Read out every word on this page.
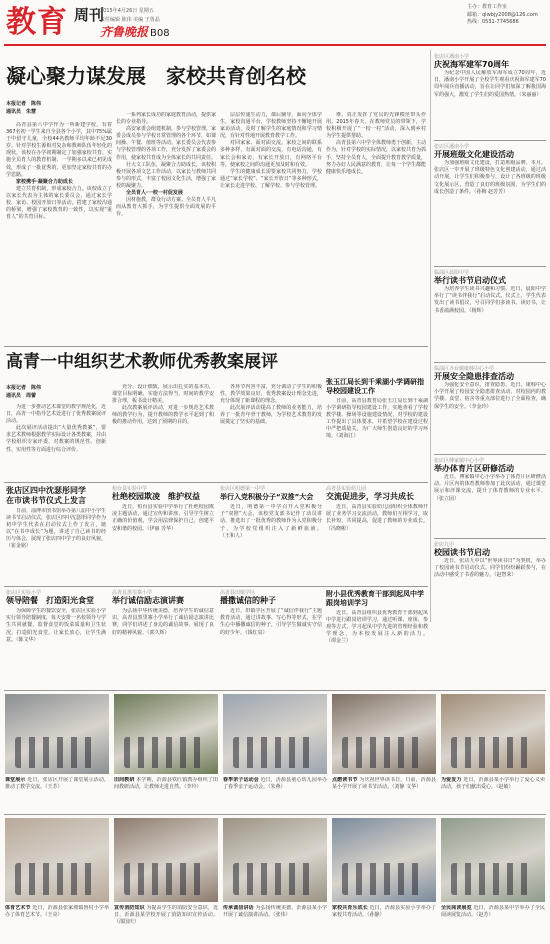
教育 周刊
2015年4月26日 星期五
责任编辑 陈伟 美编 王鲁晶
齐鲁晚报 B08
主办：教育工作室
邮箱：qlwbjy2008@126.com
热线：0531-7745686
凝心聚力谋发展　家校共育创名校
本报记者　陈伟
通讯员　朱慧

高青县第六中学作为一所新建学校，有着367名初一学生来自全县各个小学，其中75%属于中留守儿童，全校44名教师平均年龄不足30岁。针对学校生源相对复杂和教师队伍年轻化的现状，该校在办学初期制定了加强家校共育、实施全员育人的教育机制，一学期多以来已初见成效，形成了一批优秀的、更加坚定家校共育的办学思路。

家校携手·凝聚合力助成长

建立共育机制，形成家校合力。该校成立了以家长代表为主体的家长委员会，通过家长学校、家访、校园开放日等活动，搭建了家校沟通的桥梁，增强了家校教育的一致性，以实现“重育人”的共育目标。

一系列家长成功的家庭教育活动，提供家长的专业指导。

高安家委会组建机制，参与学校管理，家委会成员参与学校日常管理的各个环节，如课间操、午餐、值班等活动。家长委员会代表参与学校管理的各项工作，充分发挥了家委会的作用，使家校共育成为全体家长的共同责任。

壮大文工队伍，凝聚合力助成长，该校积极开展各项文艺工作活动，以家长与教师共同参与的形式，丰富了校园文化生活，增强了家校的凝聚力。

全员育人·一校一村促发展

因材施教，群众行动方案。全员育人平凡而从教育大抓手，为学生提供全面发展的平台。

层层传递生动力，课后辅导，面向全体学生，家校沟通平台，学校教师坚持不懈地开展家访活动，及时了解学生的家庭情况和学习情况，有针对性地开展教育教学工作。

对回家家、面对面交流。家校之间的联系多种多样，有面对面的交流，有电话沟通，有家长会和家访，有家长开放日，有网络平台等，使家校之间的沟通更加及时和有效。

学生的健康成长需要家校共同努力，学校通过“家长学校”、“家长开放日”等多种形式，让家长走进学校、了解学校、参与学校管理。

堆，真正发挥了党员的先锋模范带头作用。2015年春天，在教师党员的带领下，学校积极开展了“一校一村”活动，深入到乡村为学生提供帮助。

高青县第六中学全体教师勇于创新，主动作为，针对学校的实际情况，以家校共育为抓手，坚持全员育人，全面提升教育教学质量，努力办好人民满意的教育，让每一个学生都能健康快乐地成长。

张店区潘南小学
庆祝海军建军70周年

为纪念中国人民解放军海军成立70周年，近日，潘南小学开展了全校学生观看庆祝海军建军70周年阅兵直播活动，旨在让同学们加深了解我国海军的强大，激发了学生们的爱国热情。（朱丽丽）

张店区潘南小学
开展班级文化建设活动

为加强班级文化建设，打造班级品牌，本月，张店区一中开展了班级特色文化创建活动，通过活动开展，让学生们积极参与，设计了各班级的班级文化展示区，营造了良好的班级氛围，为学生们的成长创造了条件。（孙梅 赵芳芳）

临淄区晨阳中学
举行读书节启动仪式

为培养学生读书兴趣和习惯，近日，晨阳中学举行了“读书伴我行”启动仪式。仪式上，学生代表发出了读书倡议，号召同学们多读书、读好书，让书香溢满校园。（杨辉）

临淄区齐台镇康韩中心小学
开展安全隐患排查活动

为强化安全意识，排查隐患，近日，康韩中心小学开展了校园安全隐患排查活动，对校园内的教学楼、食堂、宿舍等重点部位进行了全面检查，确保学生的安全。（李金玲）

张店区傅家镇中心小学
举办体育片区研修活动

近日，傅家镇中心小学举办了体育片区研修活动，片区内的体育教师参加了此次活动，通过课堂展示和评课交流，提升了体育教师的专业水平。（张立园）

张店九中
校园读书节启动

近日，张店九中以“世界读书日”为契机，举办了校园读书节启动仪式。同学们纷纷踊跃参与，在活动中感受了书香的魅力。（赵智荣）

高青一中组织艺术教师优秀教案展评
本报记者　陈伟
通讯员　周蕾

为进一步推动艺术课堂的教学规范化，近日，高青一中指导艺术处进行了优秀教案展评活动。

此次展评活动提出“大量优秀教案”，要求艺术教师根据教学实际设计各类教案，并由学校组织专家评委，对教案的规范性、创新性、实用性等方面进行综合评价。

充分、设计细致，展示出扎实的基本功，课堂目标明确，实施方法得当，时间的教学安排合理，板书设计精美。

此次教案展评活动，对进一步规范艺术教师的教学行为，提升教师的教学水平起到了积极的推动作用，达到了预期的目的。

各环节内容丰富，充分调动了学生的积极性，教学效果良好，优秀教案设计理念先进，充分体现了新课程的理念。

此次展评活动提高了教师的业务能力，培养了一批青年骨干教师，为学校艺术教育的发展奠定了坚实的基础。

张玉江局长到千乘湖小学调研指导校园建设工作

日前，高青县教育局张玉江局长到千乘湖小学调研指导校园建设工作，实地查看了学校教学楼、操场等设施建设情况，对学校的建设工作提出了具体要求，并希望学校在建设过程中严把质量关，为广大师生创造良好的学习环境。（刘海江）

张店区四中沈瑟彤同学
在市读书节仪式上发言

日前，淄博市图书馆举办第八届中小学生读书节启动仪式，张店区四中沈瑟彤同学作为初中学生代表在启动仪式上作了发言，她以“在书中成长”为题，讲述了自己读书的经历与体会，展现了张店四中学子的良好风貌。（崔金铭）

桓台县实验中学
杜绝校园欺凌　维护权益

近日，桓台县实验中学举行了杜绝校园欺凌主题活动，通过宣传和讲座，引导学生树立正确的价值观，学会用法律保护自己，创建平安和谐的校园。（伊丽 芳华）

张店区明德第一中学
举行入党积极分子“双推”大会

近日，明德第一中学召开入党积极分子“双推”大会，该校党支部书记作了动员讲话，推选出了一批优秀的教师作为入党积极分子，为学校党组织注入了新鲜血液。（王和人）

高青县实验幼儿园
交流促进步，学习共成长

近日，高青县实验幼儿园组织全体教师开展了业务学习交流活动，教师们互相学习，取长补短，共同提高，促进了教师的专业成长。（冯晓彬）

张店区实验小学
领导陪餐　打造阳光食堂

为保障学生的餐饮安全，张店区实验小学实行领导陪餐制度，每天安排一名校领导与学生共同就餐，监督食堂的饭菜质量和卫生状况，打造阳光食堂，让家长放心，让学生满意。（陈文华）

高青县黑里寨小学
举行诚信励志演讲赛

为弘扬中华传统美德，培养学生的诚信意识，高青县黑里寨小学举行了诚信励志演讲比赛，同学们讲述了身边的诚信故事，展现了良好的精神风貌。（郭久辉）

高青县田镇学区
播撒诚信的种子

近日，田镇学区开展了“诚信伴我行”主题教育活动，通过讲故事、写心得等形式，在学生心中播撒诚信的种子，引导学生做诚实守信的好少年。（钱红泉）

附小县优秀教育干部到起凤中学跟岗培训学习

近日，高青县组织县优秀教育干部到起凤中学进行跟岗培训学习，通过听课、座谈、参观等方式，学习起凤中学先进的管理经验和教学理念，为本校发展注入新的活力。（谭金兰）

课堂展示 近日，张店区开展了课堂展示活动，推动了教学交流。（王芳）
田间教研 本学期，沂源县铁匠镇教办组织了田间教研活动，让教师走进自然。（李玲）
春季亲子运动会 近日，沂源县童心幼儿园举办了春季亲子运动会。（朱燕）
点燃读书节 为庆祝世界读书日，日前，沂源县某小学开展了读书节活动。（刘静 文华）
为爱发力 近日，沂源县某小学举行了爱心义卖活动，孩子们献出爱心。（赵敏）
体育艺术节 近日，沂源县张家坡镇鲁村小学举办了体育艺术节。（王亮）
宣传消防知识 为提高学生的消防安全意识，近日，沂源县某学校开展了消防知识宣传活动。（邵国庆）
传承诚信讲话 为弘扬传统美德，沂源县某小学开展了诚信演讲活动。（张伟）
家校共育乐成长 近日，沂源县实验小学举办了家校共育活动。（孙静）
全民阅读展览 近日，沂源县某中学举办了全民阅读展览活动。（赵芳）
